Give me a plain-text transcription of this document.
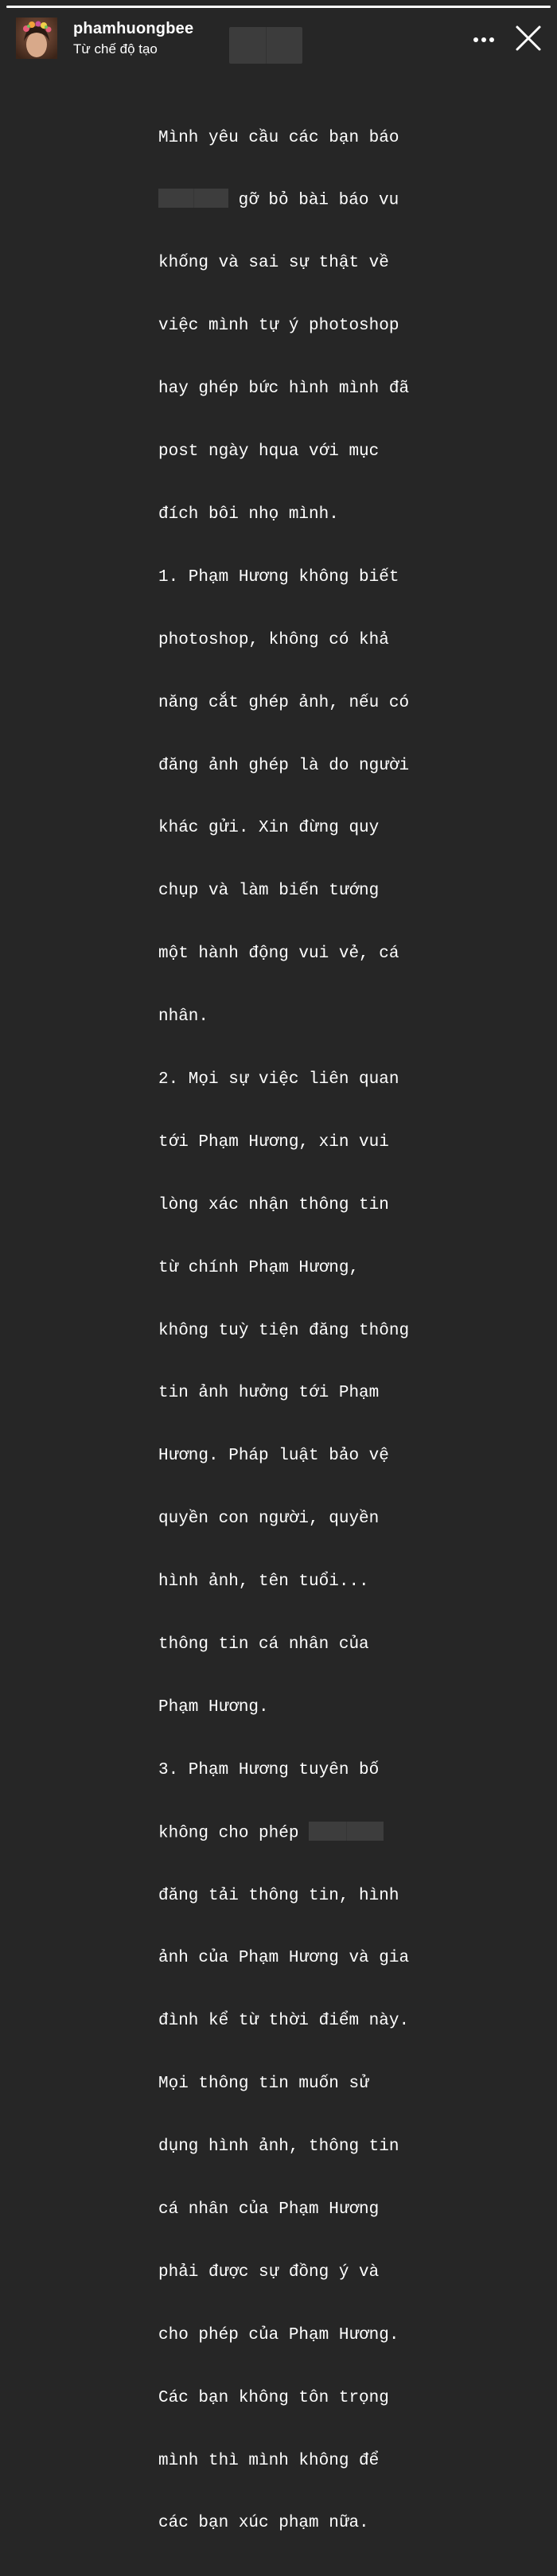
phamhuongbee
Từ chế độ tạo

Mình yêu cầu các bạn báo

gỡ bỏ bài báo vu

khống và sai sự thật về

việc mình tự ý photoshop

hay ghép bức hình mình đã

post ngày hqua với mục

đích bôi nhọ mình.

1. Phạm Hương không biết

photoshop, không có khả

năng cắt ghép ảnh, nếu có

đăng ảnh ghép là do người

khác gửi. Xin đừng quy

chụp và làm biến tướng

một hành động vui vẻ, cá

nhân.

2. Mọi sự việc liên quan

tới Phạm Hương, xin vui

lòng xác nhận thông tin

từ chính Phạm Hương,

không tuỳ tiện đăng thông

tin ảnh hưởng tới Phạm

Hương. Pháp luật bảo vệ

quyền con người, quyền

hình ảnh, tên tuổi...

thông tin cá nhân của

Phạm Hương.

3. Phạm Hương tuyên bố

không cho phép

đăng tải thông tin, hình

ảnh của Phạm Hương và gia

đình kể từ thời điểm này.

Mọi thông tin muốn sử

dụng hình ảnh, thông tin

cá nhân của Phạm Hương

phải được sự đồng ý và

cho phép của Phạm Hương.

Các bạn không tôn trọng

mình thì mình không để

các bạn xúc phạm nữa.
